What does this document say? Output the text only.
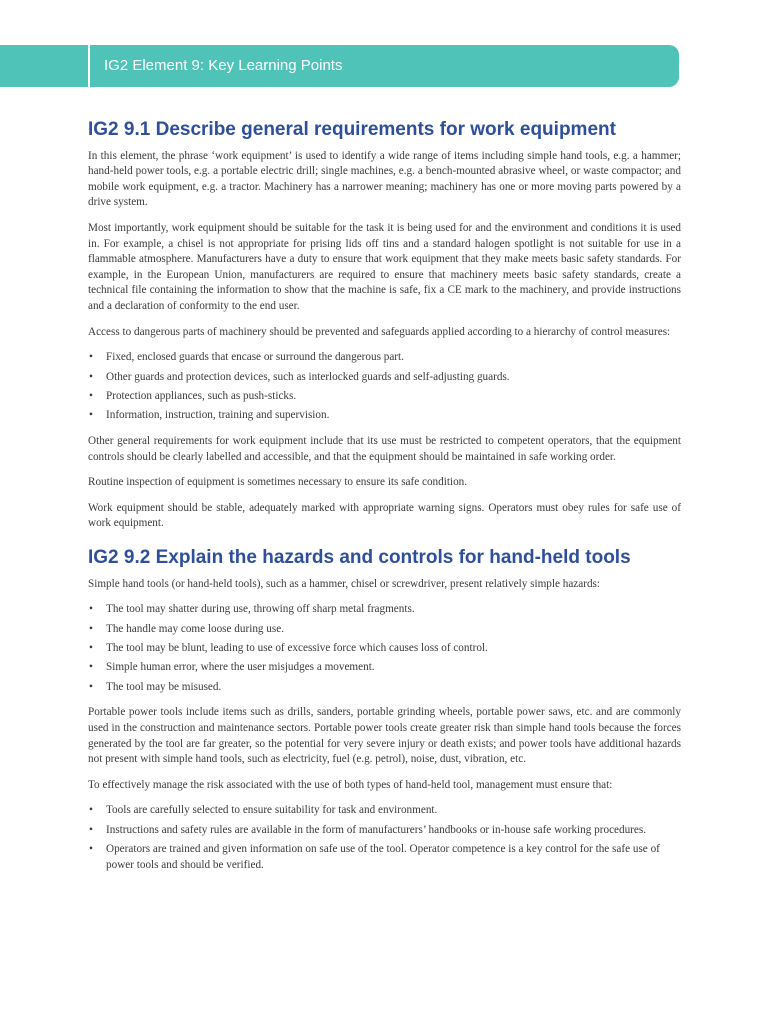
IG2 Element 9: Key Learning Points
IG2 9.1 Describe general requirements for work equipment

In this element, the phrase ‘work equipment’ is used to identify a wide range of items including simple hand tools, e.g. a hammer; hand-held power tools, e.g. a portable electric drill; single machines, e.g. a bench-mounted abrasive wheel, or waste compactor; and mobile work equipment, e.g. a tractor. Machinery has a narrower meaning; machinery has one or more moving parts powered by a drive system.

Most importantly, work equipment should be suitable for the task it is being used for and the environment and conditions it is used in. For example, a chisel is not appropriate for prising lids off tins and a standard halogen spotlight is not suitable for use in a flammable atmosphere. Manufacturers have a duty to ensure that work equipment that they make meets basic safety standards. For example, in the European Union, manufacturers are required to ensure that machinery meets basic safety standards, create a technical file containing the information to show that the machine is safe, fix a CE mark to the machinery, and provide instructions and a declaration of conformity to the end user.

Access to dangerous parts of machinery should be prevented and safeguards applied according to a hierarchy of control measures:

• Fixed, enclosed guards that encase or surround the dangerous part.
• Other guards and protection devices, such as interlocked guards and self-adjusting guards.
• Protection appliances, such as push-sticks.
• Information, instruction, training and supervision.

Other general requirements for work equipment include that its use must be restricted to competent operators, that the equipment controls should be clearly labelled and accessible, and that the equipment should be maintained in safe working order.

Routine inspection of equipment is sometimes necessary to ensure its safe condition.

Work equipment should be stable, adequately marked with appropriate warning signs. Operators must obey rules for safe use of work equipment.

IG2 9.2 Explain the hazards and controls for hand-held tools

Simple hand tools (or hand-held tools), such as a hammer, chisel or screwdriver, present relatively simple hazards:

• The tool may shatter during use, throwing off sharp metal fragments.
• The handle may come loose during use.
• The tool may be blunt, leading to use of excessive force which causes loss of control.
• Simple human error, where the user misjudges a movement.
• The tool may be misused.

Portable power tools include items such as drills, sanders, portable grinding wheels, portable power saws, etc. and are commonly used in the construction and maintenance sectors. Portable power tools create greater risk than simple hand tools because the forces generated by the tool are far greater, so the potential for very severe injury or death exists; and power tools have additional hazards not present with simple hand tools, such as electricity, fuel (e.g. petrol), noise, dust, vibration, etc.

To effectively manage the risk associated with the use of both types of hand-held tool, management must ensure that:

• Tools are carefully selected to ensure suitability for task and environment.
• Instructions and safety rules are available in the form of manufacturers’ handbooks or in-house safe working procedures.
• Operators are trained and given information on safe use of the tool. Operator competence is a key control for the safe use of power tools and should be verified.
